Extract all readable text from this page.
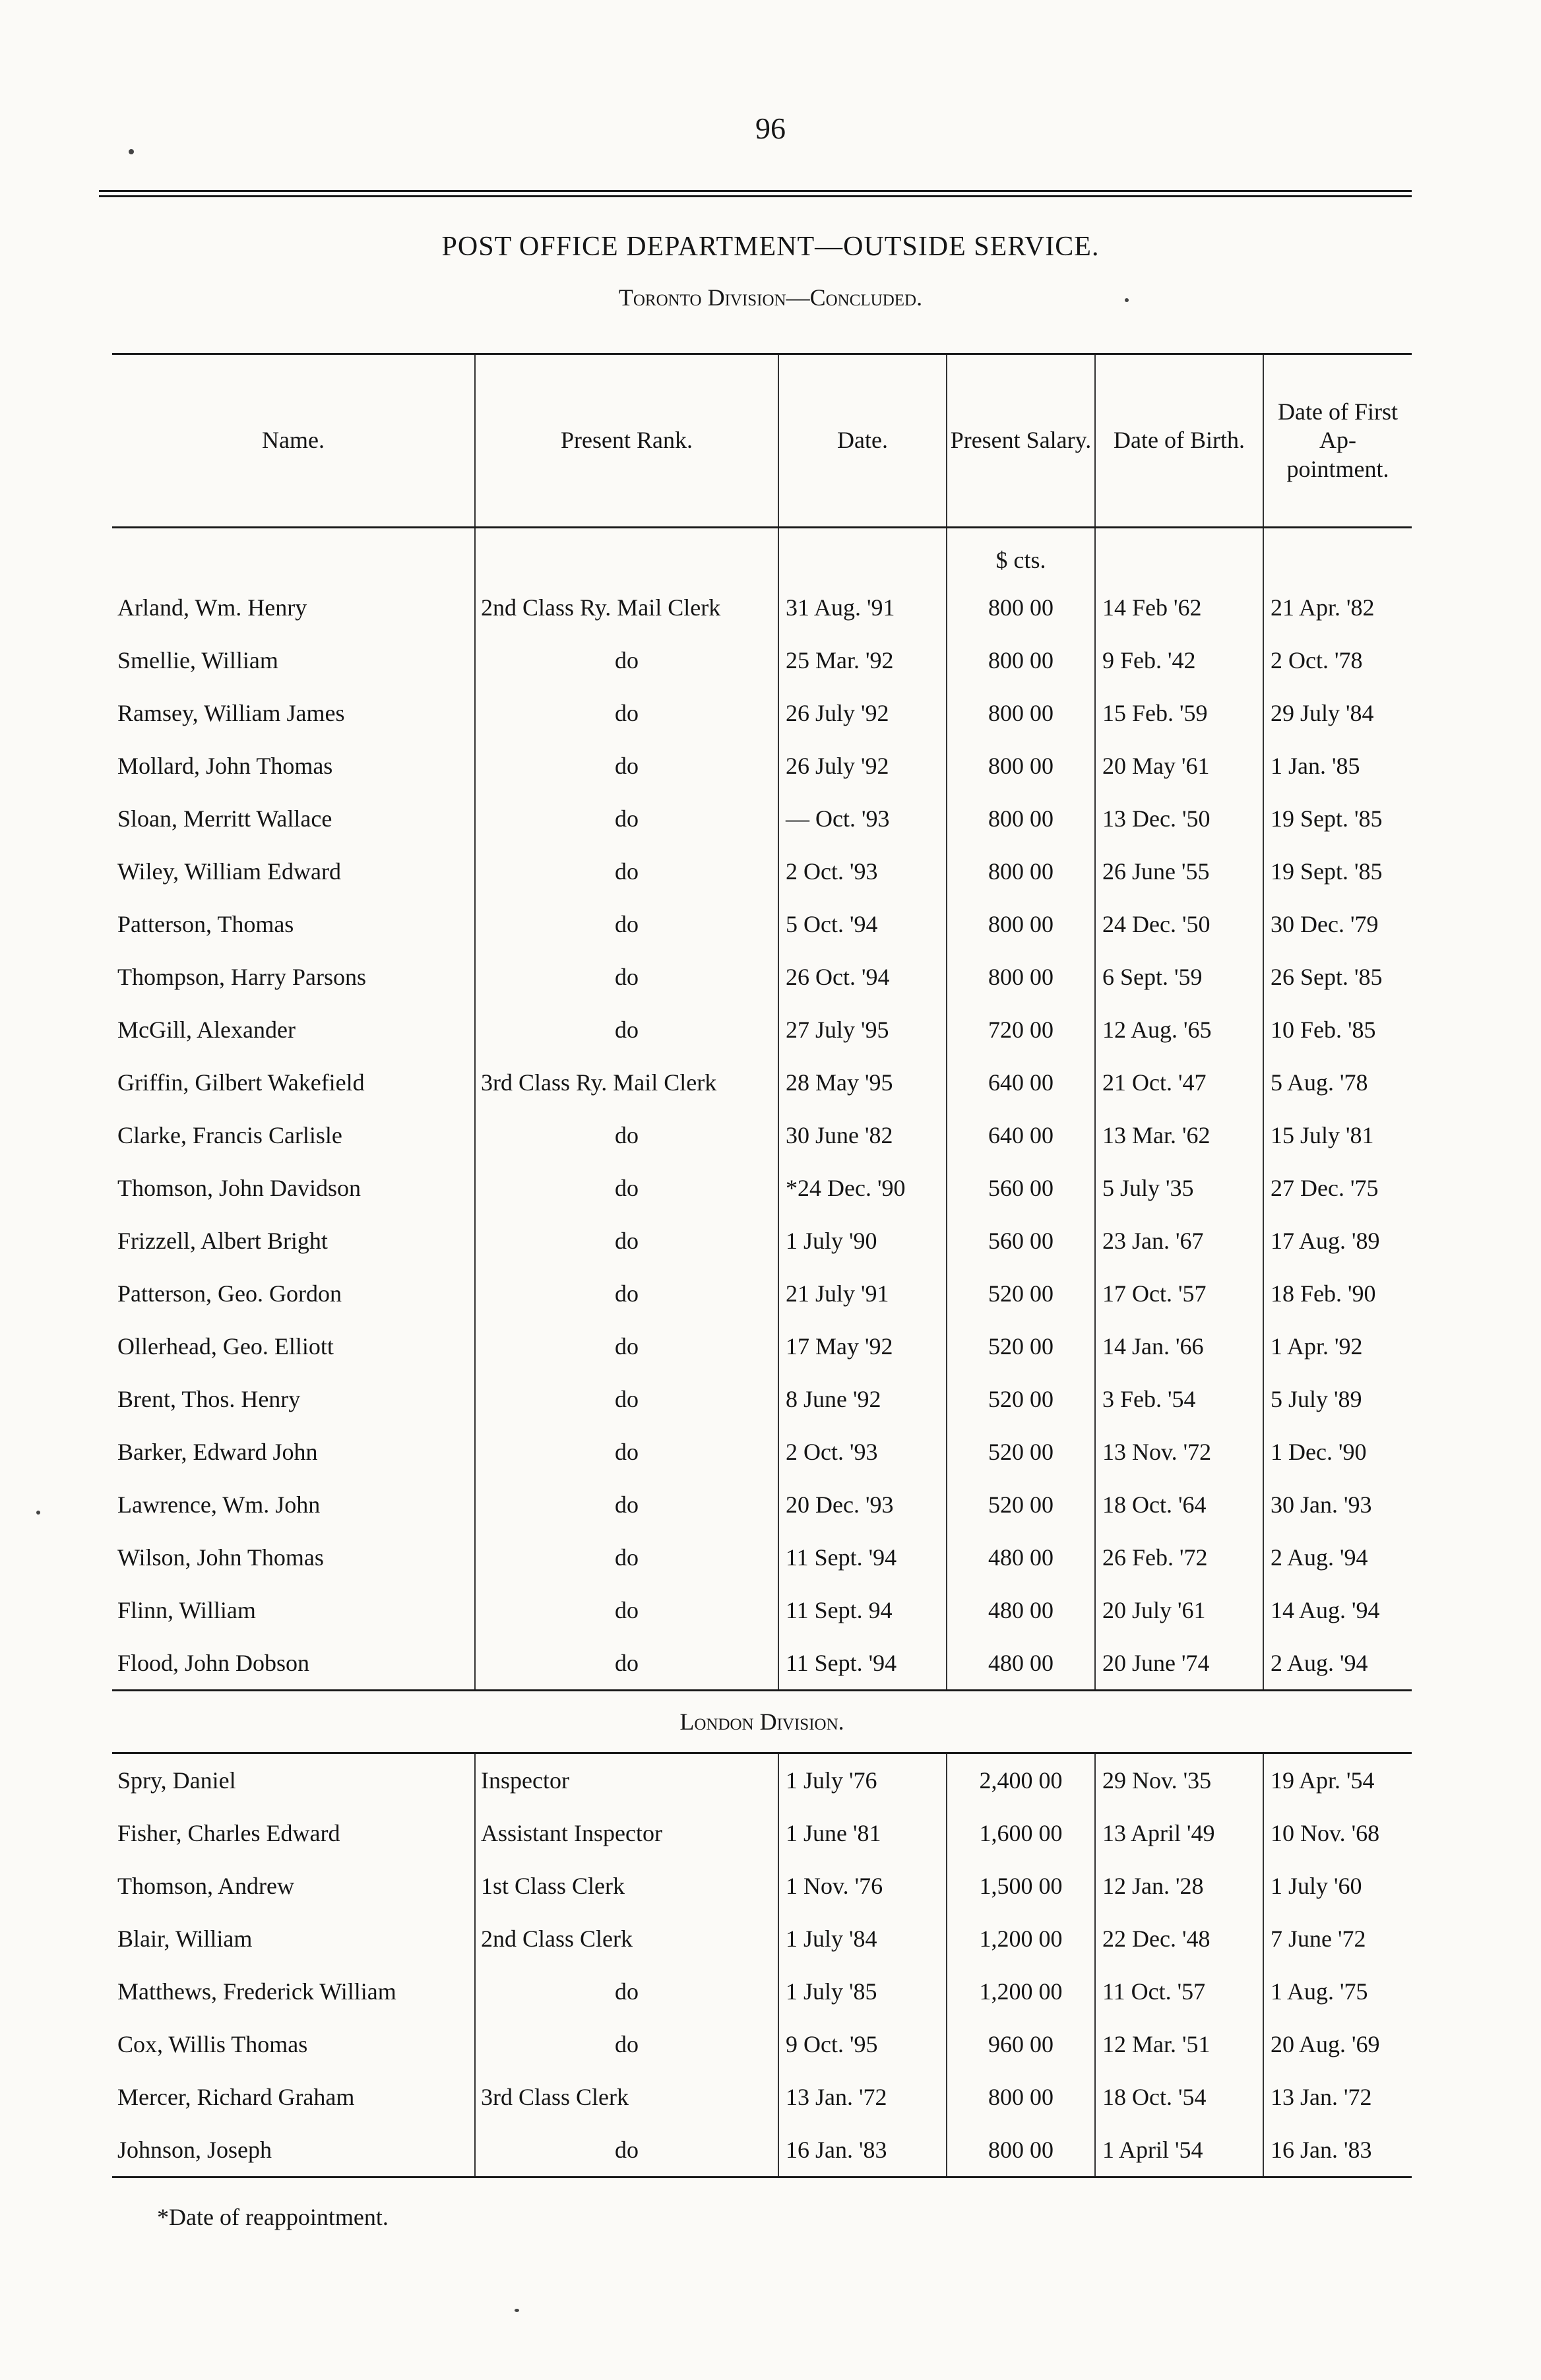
96
POST OFFICE DEPARTMENT—OUTSIDE SERVICE.
Toronto Division—Concluded.
Name.	Present Rank.	Date.	Present Salary.	Date of Birth.	Date of First Ap- pointment.
			$ cts.		
Arland, Wm. Henry	2nd Class Ry. Mail Clerk	31 Aug. '91	800 00	14 Feb '62	21 Apr. '82
Smellie, William	do	25 Mar. '92	800 00	9 Feb. '42	2 Oct. '78
Ramsey, William James	do	26 July '92	800 00	15 Feb. '59	29 July '84
Mollard, John Thomas	do	26 July '92	800 00	20 May '61	1 Jan. '85
Sloan, Merritt Wallace	do	— Oct. '93	800 00	13 Dec. '50	19 Sept. '85
Wiley, William Edward	do	2 Oct. '93	800 00	26 June '55	19 Sept. '85
Patterson, Thomas	do	5 Oct. '94	800 00	24 Dec. '50	30 Dec. '79
Thompson, Harry Parsons	do	26 Oct. '94	800 00	6 Sept. '59	26 Sept. '85
McGill, Alexander	do	27 July '95	720 00	12 Aug. '65	10 Feb. '85
Griffin, Gilbert Wakefield	3rd Class Ry. Mail Clerk	28 May '95	640 00	21 Oct. '47	5 Aug. '78
Clarke, Francis Carlisle	do	30 June '82	640 00	13 Mar. '62	15 July '81
Thomson, John Davidson	do	*24 Dec. '90	560 00	5 July '35	27 Dec. '75
Frizzell, Albert Bright	do	1 July '90	560 00	23 Jan. '67	17 Aug. '89
Patterson, Geo. Gordon	do	21 July '91	520 00	17 Oct. '57	18 Feb. '90
Ollerhead, Geo. Elliott	do	17 May '92	520 00	14 Jan. '66	1 Apr. '92
Brent, Thos. Henry	do	8 June '92	520 00	3 Feb. '54	5 July '89
Barker, Edward John	do	2 Oct. '93	520 00	13 Nov. '72	1 Dec. '90
Lawrence, Wm. John	do	20 Dec. '93	520 00	18 Oct. '64	30 Jan. '93
Wilson, John Thomas	do	11 Sept. '94	480 00	26 Feb. '72	2 Aug. '94
Flinn, William	do	11 Sept. 94	480 00	20 July '61	14 Aug. '94
Flood, John Dobson	do	11 Sept. '94	480 00	20 June '74	2 Aug. '94
London Division.					
Spry, Daniel	Inspector	1 July '76	2,400 00	29 Nov. '35	19 Apr. '54
Fisher, Charles Edward	Assistant Inspector	1 June '81	1,600 00	13 April '49	10 Nov. '68
Thomson, Andrew	1st Class Clerk	1 Nov. '76	1,500 00	12 Jan. '28	1 July '60
Blair, William	2nd Class Clerk	1 July '84	1,200 00	22 Dec. '48	7 June '72
Matthews, Frederick William	do	1 July '85	1,200 00	11 Oct. '57	1 Aug. '75
Cox, Willis Thomas	do	9 Oct. '95	960 00	12 Mar. '51	20 Aug. '69
Mercer, Richard Graham	3rd Class Clerk	13 Jan. '72	800 00	18 Oct. '54	13 Jan. '72
Johnson, Joseph	do	16 Jan. '83	800 00	1 April '54	16 Jan. '83
*Date of reappointment.
